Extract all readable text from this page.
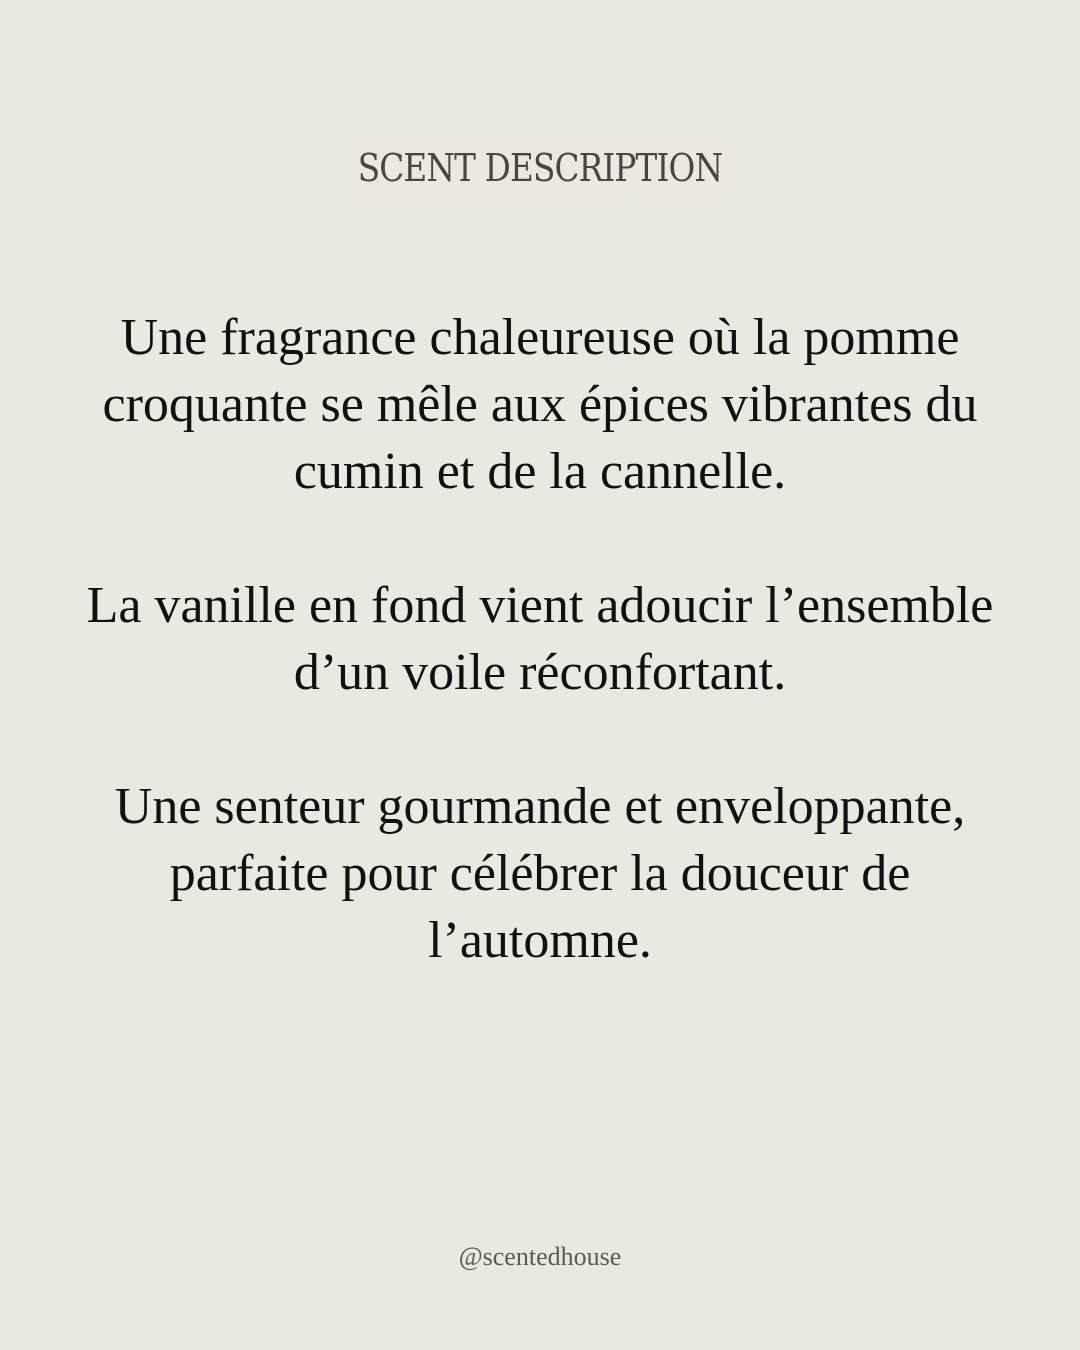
SCENT DESCRIPTION

Une fragrance chaleureuse où la pomme croquante se mêle aux épices vibrantes du cumin et de la cannelle.

La vanille en fond vient adoucir l’ensemble d’un voile réconfortant.

Une senteur gourmande et enveloppante, parfaite pour célébrer la douceur de l’automne.

@scentedhouse
